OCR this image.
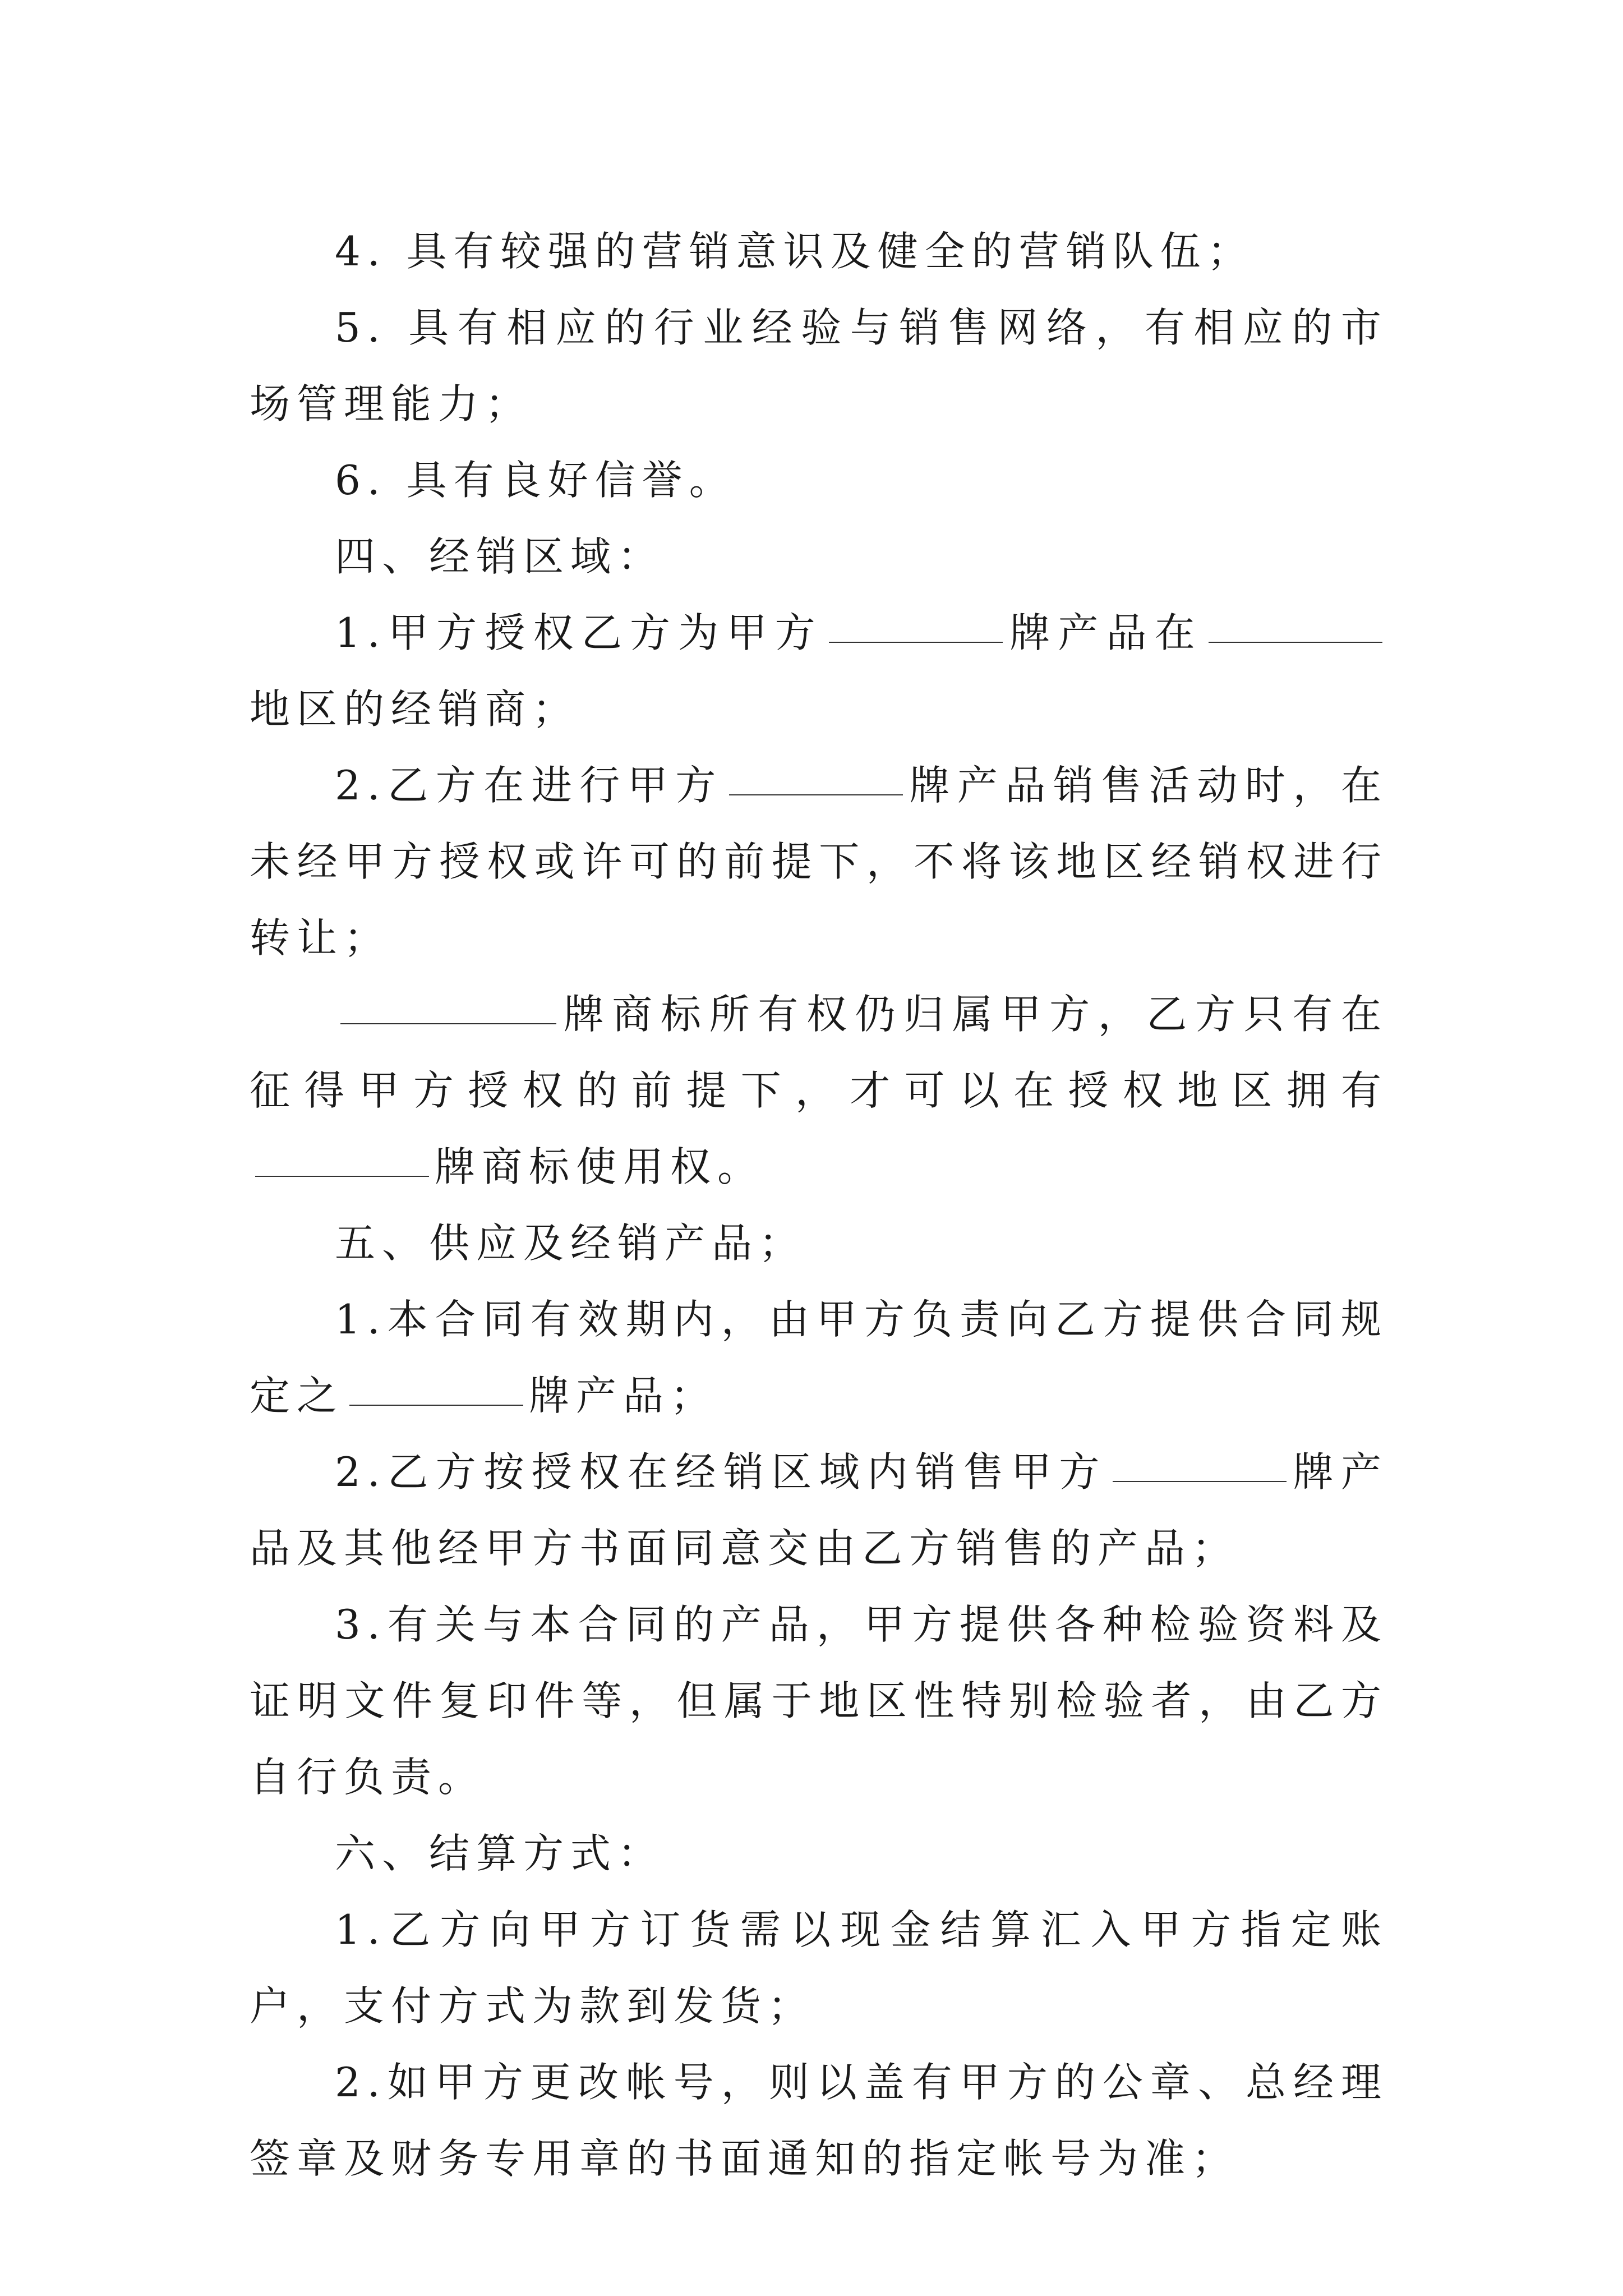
4. 具有较强的营销意识及健全的营销队伍；

5. 具有相应的行业经验与销售网络，有相应的市场管理能力；

6. 具有良好信誉。

四、经销区域：

1.甲方授权乙方为甲方	牌产品在地区的经销商；

2.乙方在进行甲方	牌产品销售活动时，在未经甲方授权或许可的前提下，不将该地区经销权进行转让；

牌商标所有权仍归属甲方，乙方只有在征得甲方授权的前提下，才可以在授权地区拥有牌商标使用权。

五、供应及经销产品；

1.本合同有效期内，由甲方负责向乙方提供合同规定之	牌产品；

2.乙方按授权在经销区域内销售甲方	牌产品及其他经甲方书面同意交由乙方销售的产品；

3.有关与本合同的产品，甲方提供各种检验资料及证明文件复印件等，但属于地区性特别检验者，由乙方自行负责。

六、结算方式：

1.乙方向甲方订货需以现金结算汇入甲方指定账户，支付方式为款到发货；

2.如甲方更改帐号，则以盖有甲方的公章、总经理签章及财务专用章的书面通知的指定帐号为准；
